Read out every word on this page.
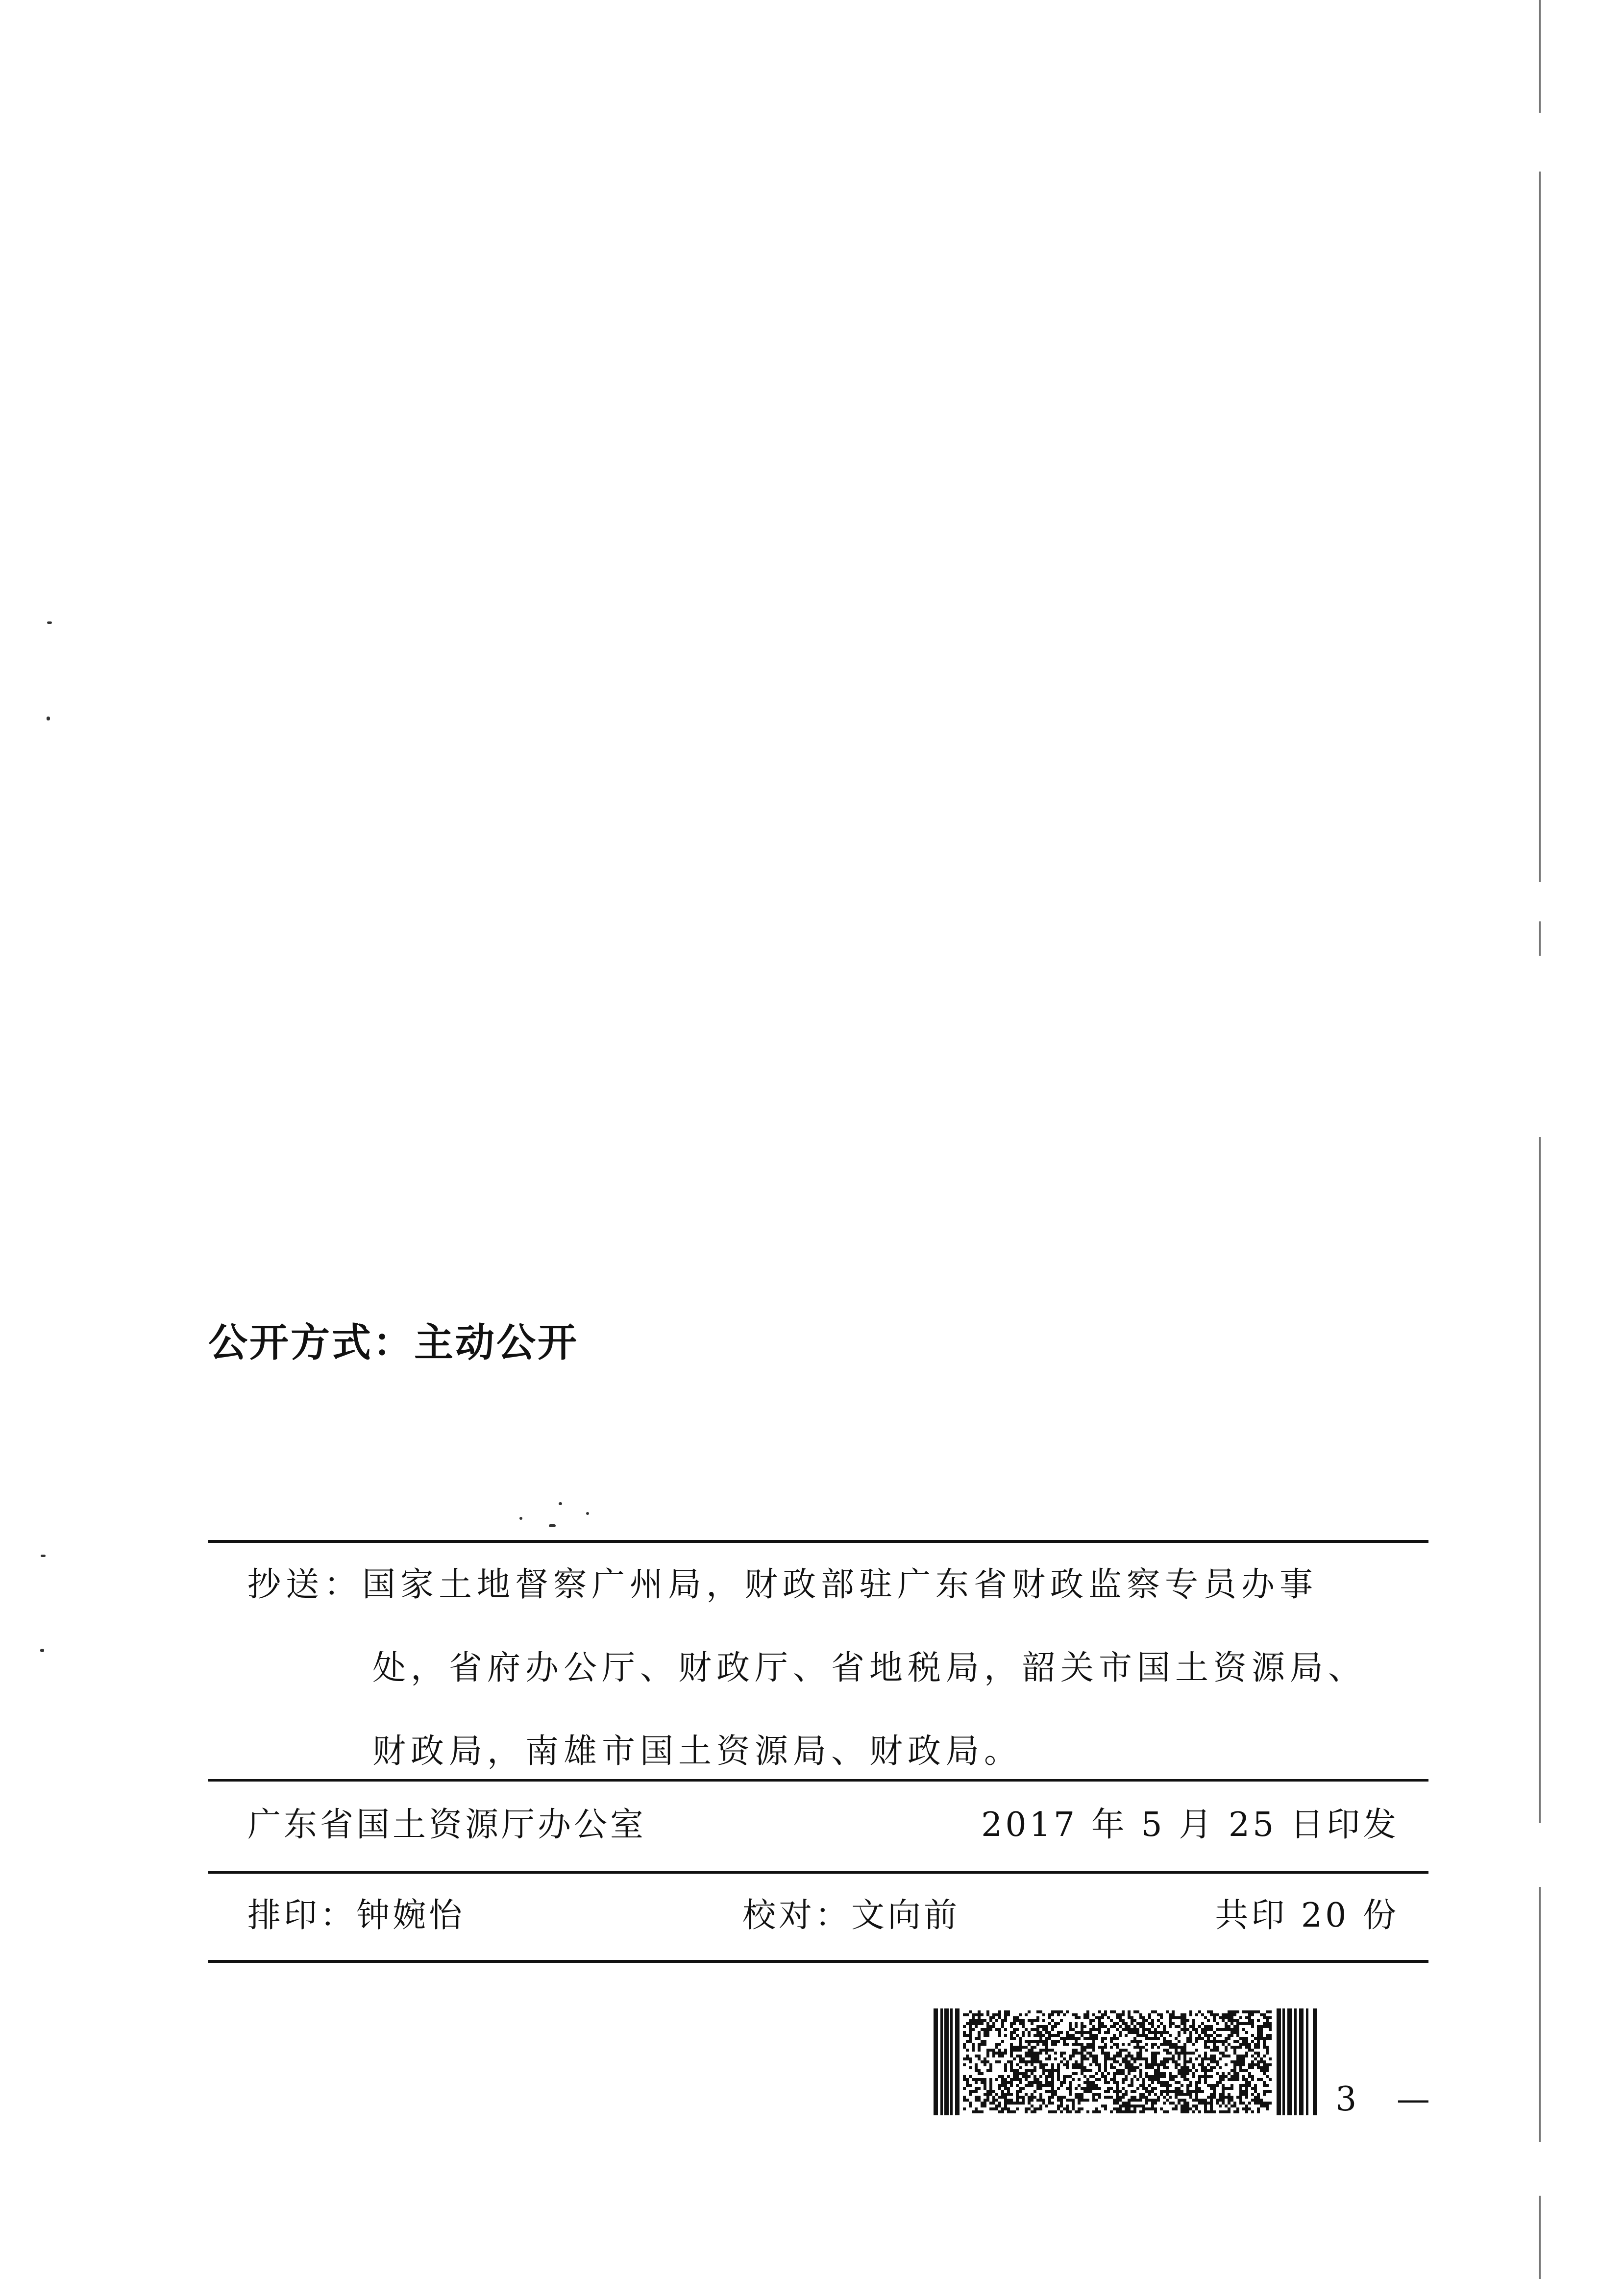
公开方式：主动公开
抄送：国家土地督察广州局，财政部驻广东省财政监察专员办事
处，省府办公厅、财政厅、省地税局，韶关市国土资源局、
财政局，南雄市国土资源局、财政局。
广东省国土资源厅办公室	2017 年 5 月 25 日印发
排印：钟婉怡	校对：文向前	共印 20 份
3 —
